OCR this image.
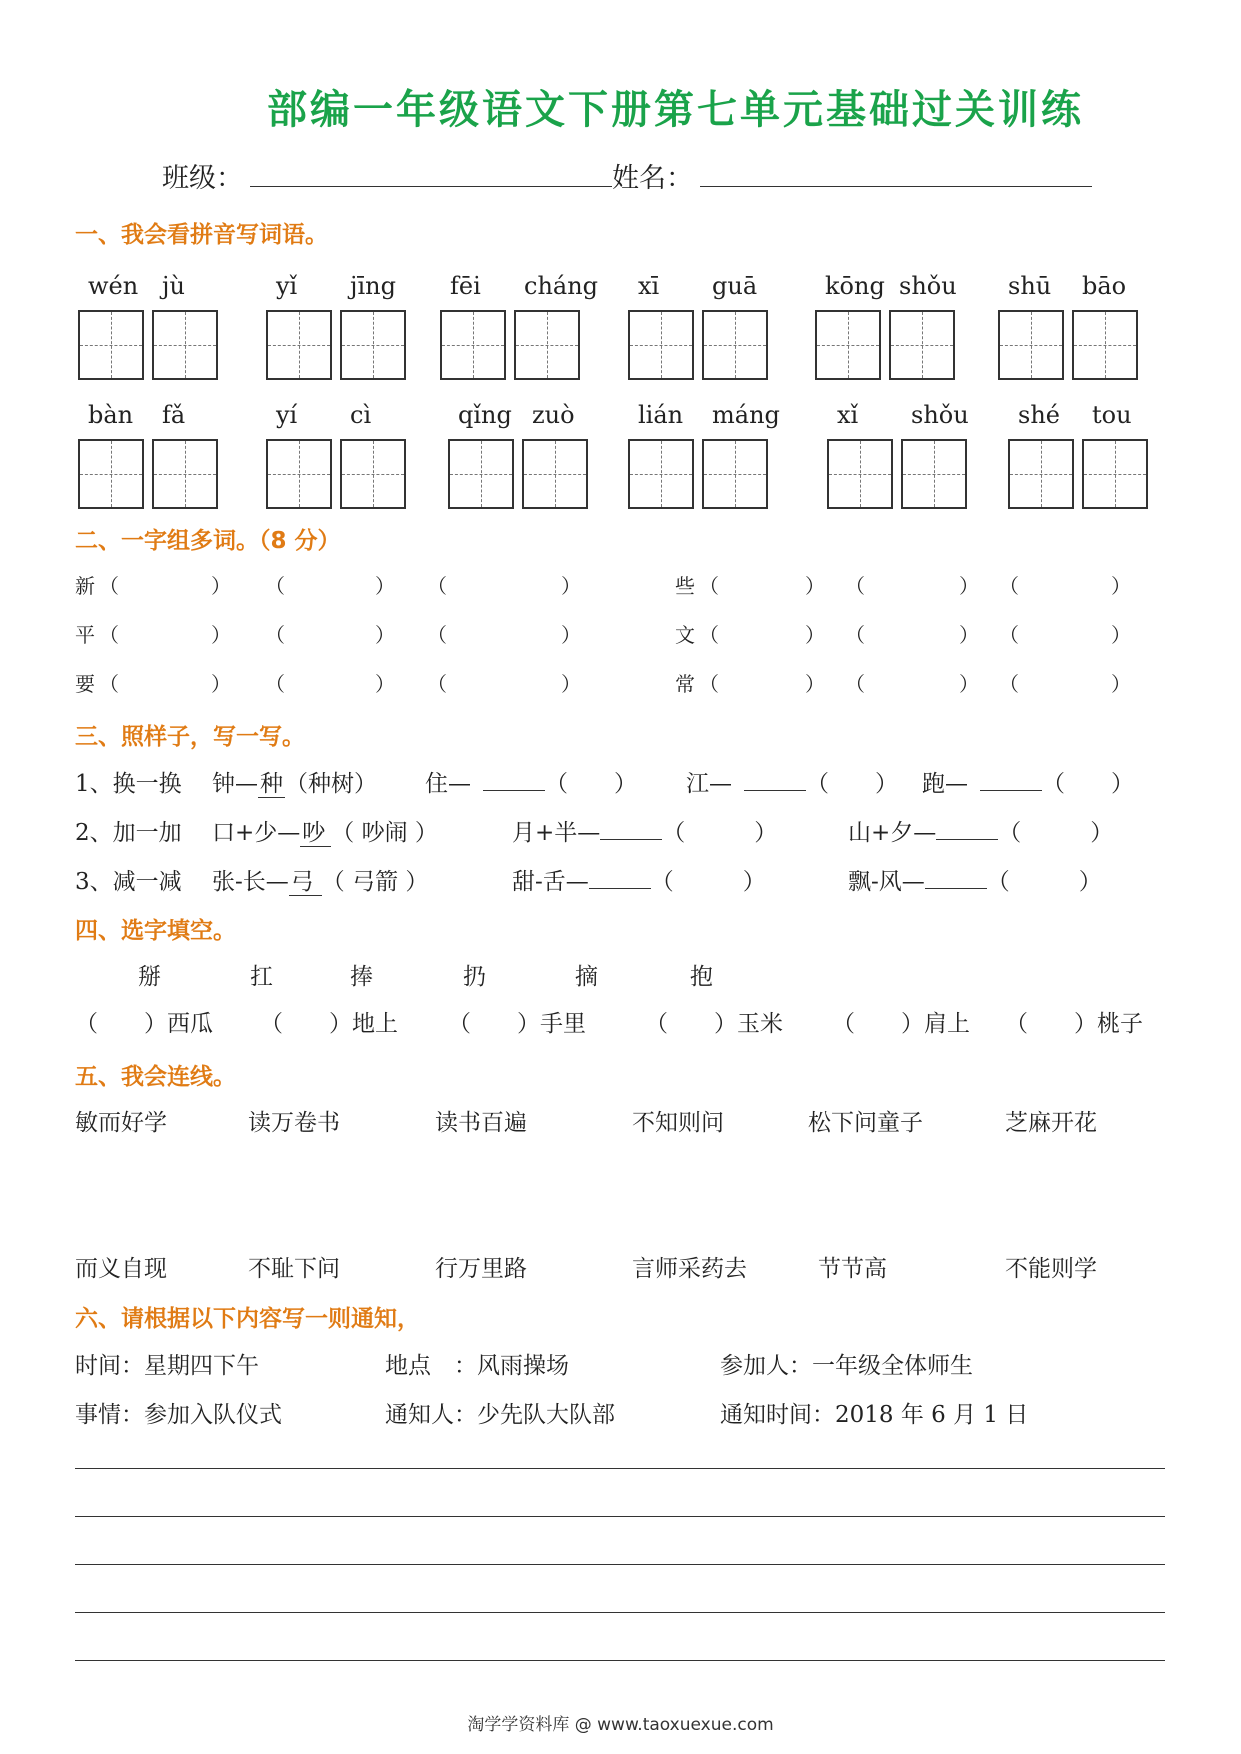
部编一年级语文下册第七单元基础过关训练
班级：	姓名：
一、我会看拼音写词语。
wén jù	yǐ jīng fēi cháng xī guā	kōng shǒu shū bāo
bàn fǎ	yí cì	qǐng zuò	lián máng xǐ shǒu shé tou
二、一字组多词。（8 分）
新 （	） （	） （	）
平 （	） （	） （	）
要 （	） （	） （	）
些 （	） （	） （	）
文 （	） （	） （	）
常 （	） （	） （	）
三、照样子，写一写。
1、换一换 钟—种（种树） 住—	（　　） 江—	（　　） 跑—	（　　）
2、加一加 口+少—吵 （ 吵闹 ）	月+半—	（　　　）	山+夕—	（　　　）
3、减一减 张-长—弓 （ 弓箭 ）	甜-舌—	（　　　）	飘-风—	（　　　）
四、选字填空。
掰	扛	捧	扔	摘	抱
（　　）西瓜 （　　）地上 （　　）手里	（　　）玉米 （　　）肩上 （　　）桃子
五、我会连线。
敏而好学	读万卷书	读书百遍	不知则问	松下问童子	芝麻开花
而义自现	不耻下问	行万里路	言师采药去	节节高	不能则学
六、请根据以下内容写一则通知，
时间：星期四下午	地点　：风雨操场	参加人：一年级全体师生
事情：参加入队仪式	通知人：少先队大队部	通知时间：2018 年 6 月 1 日
淘学学资料库 @ www.taoxuexue.com
